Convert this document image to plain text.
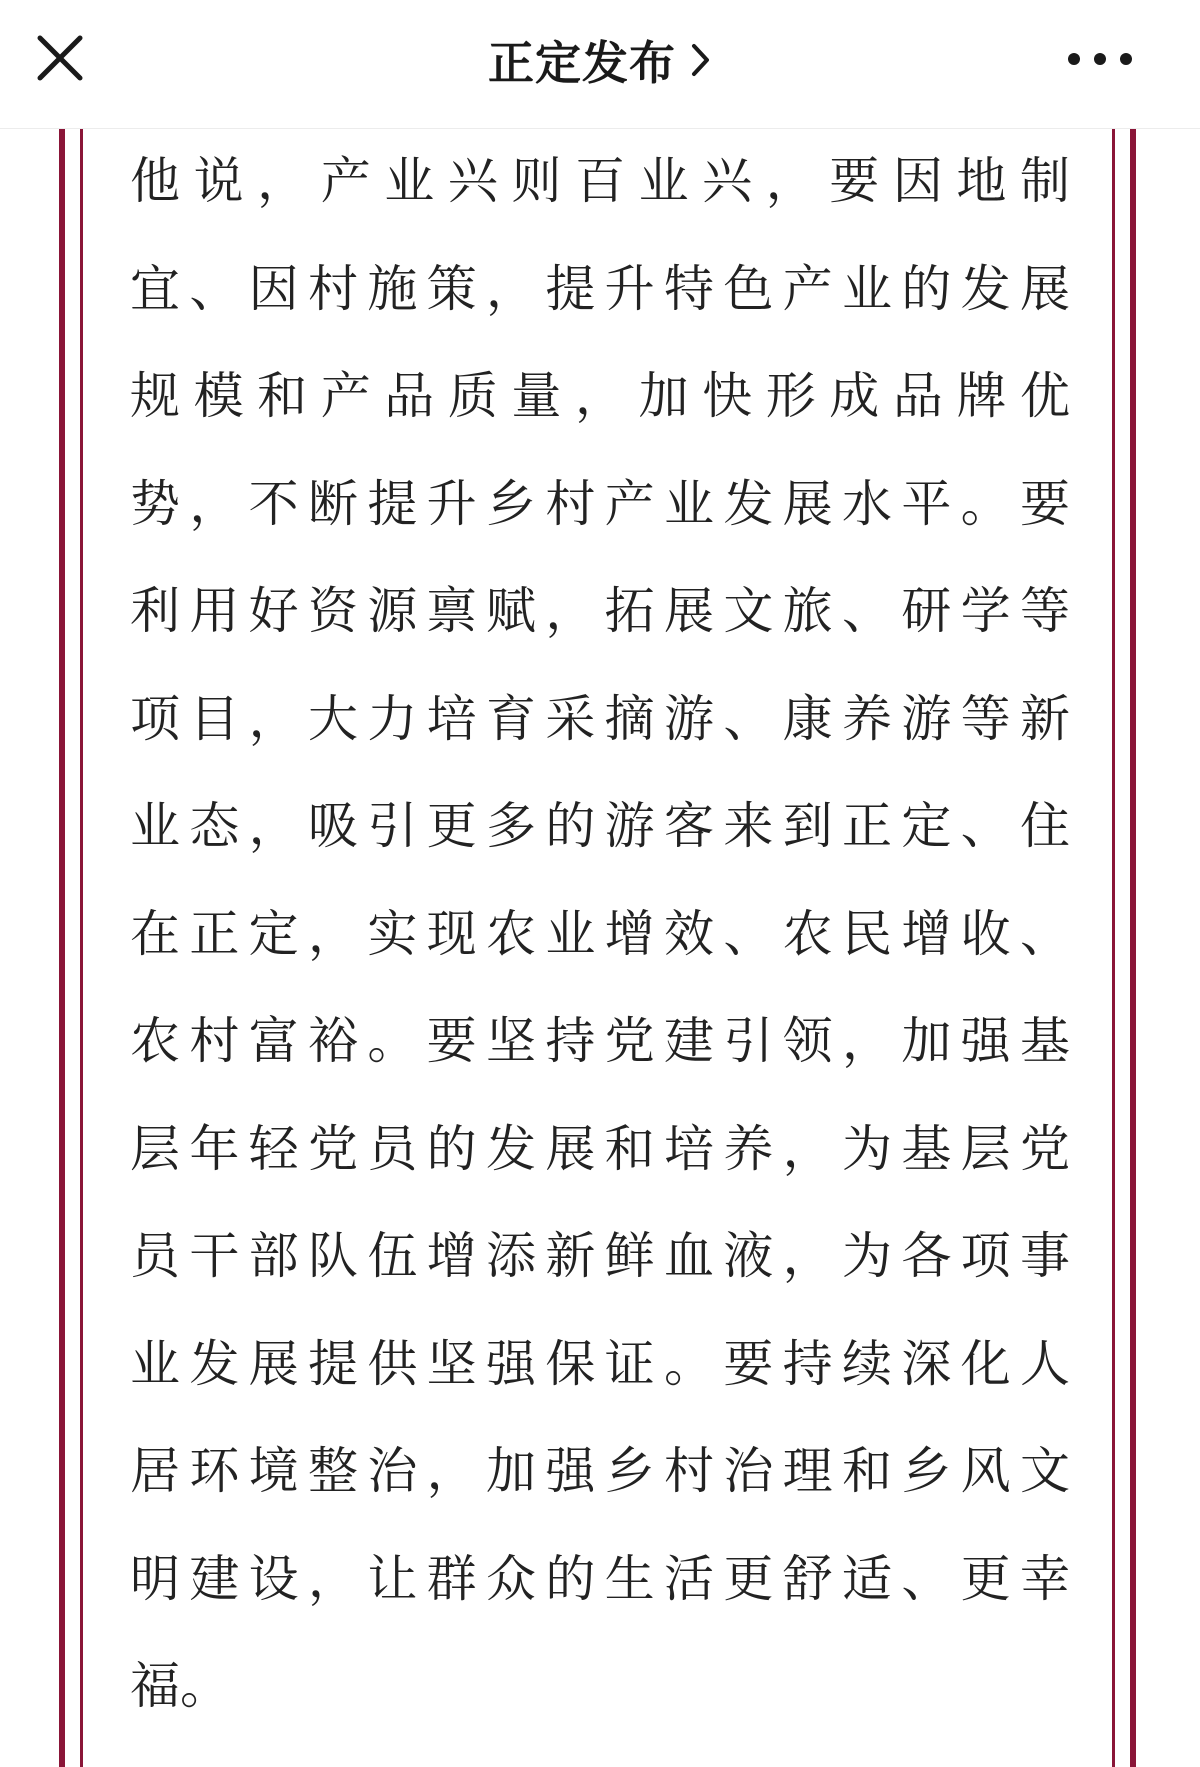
正定发布
他说，产业兴则百业兴，要因地制
宜、因村施策，提升特色产业的发展
规模和产品质量，加快形成品牌优
势，不断提升乡村产业发展水平。要
利用好资源禀赋，拓展文旅、研学等
项目，大力培育采摘游、康养游等新
业态，吸引更多的游客来到正定、住
在正定，实现农业增效、农民增收、
农村富裕。要坚持党建引领，加强基
层年轻党员的发展和培养，为基层党
员干部队伍增添新鲜血液，为各项事
业发展提供坚强保证。要持续深化人
居环境整治，加强乡村治理和乡风文
明建设，让群众的生活更舒适、更幸
福。
